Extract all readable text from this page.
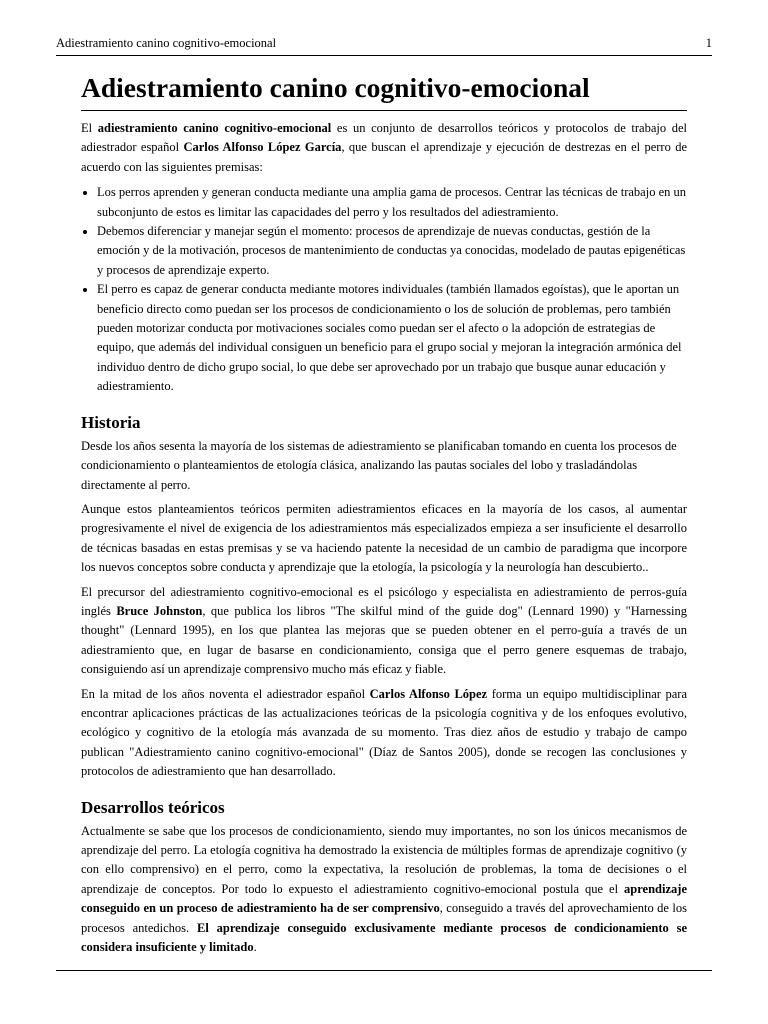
Adiestramiento canino cognitivo-emocional	1
Adiestramiento canino cognitivo-emocional

El adiestramiento canino cognitivo-emocional es un conjunto de desarrollos teóricos y protocolos de trabajo del adiestrador español Carlos Alfonso López García, que buscan el aprendizaje y ejecución de destrezas en el perro de acuerdo con las siguientes premisas:

• Los perros aprenden y generan conducta mediante una amplia gama de procesos. Centrar las técnicas de trabajo en un subconjunto de estos es limitar las capacidades del perro y los resultados del adiestramiento.
• Debemos diferenciar y manejar según el momento: procesos de aprendizaje de nuevas conductas, gestión de la emoción y de la motivación, procesos de mantenimiento de conductas ya conocidas, modelado de pautas epigenéticas y procesos de aprendizaje experto.
• El perro es capaz de generar conducta mediante motores individuales (también llamados egoístas), que le aportan un beneficio directo como puedan ser los procesos de condicionamiento o los de solución de problemas, pero también pueden motorizar conducta por motivaciones sociales como puedan ser el afecto o la adopción de estrategias de equipo, que además del individual consiguen un beneficio para el grupo social y mejoran la integración armónica del individuo dentro de dicho grupo social, lo que debe ser aprovechado por un trabajo que busque aunar educación y adiestramiento.
Historia

Desde los años sesenta la mayoría de los sistemas de adiestramiento se planificaban tomando en cuenta los procesos de condicionamiento o planteamientos de etología clásica, analizando las pautas sociales del lobo y trasladándolas directamente al perro.

Aunque estos planteamientos teóricos permiten adiestramientos eficaces en la mayoría de los casos, al aumentar progresivamente el nivel de exigencia de los adiestramientos más especializados empieza a ser insuficiente el desarrollo de técnicas basadas en estas premisas y se va haciendo patente la necesidad de un cambio de paradigma que incorpore los nuevos conceptos sobre conducta y aprendizaje que la etología, la psicología y la neurología han descubierto..

El precursor del adiestramiento cognitivo-emocional es el psicólogo y especialista en adiestramiento de perros-guía inglés Bruce Johnston, que publica los libros "The skilful mind of the guide dog" (Lennard 1990) y "Harnessing thought" (Lennard 1995), en los que plantea las mejoras que se pueden obtener en el perro-guía a través de un adiestramiento que, en lugar de basarse en condicionamiento, consiga que el perro genere esquemas de trabajo, consiguiendo así un aprendizaje comprensivo mucho más eficaz y fiable.

En la mitad de los años noventa el adiestrador español Carlos Alfonso López forma un equipo multidisciplinar para encontrar aplicaciones prácticas de las actualizaciones teóricas de la psicología cognitiva y de los enfoques evolutivo, ecológico y cognitivo de la etología más avanzada de su momento. Tras diez años de estudio y trabajo de campo publican "Adiestramiento canino cognitivo-emocional" (Díaz de Santos 2005), donde se recogen las conclusiones y protocolos de adiestramiento que han desarrollado.

Desarrollos teóricos

Actualmente se sabe que los procesos de condicionamiento, siendo muy importantes, no son los únicos mecanismos de aprendizaje del perro. La etología cognitiva ha demostrado la existencia de múltiples formas de aprendizaje cognitivo (y con ello comprensivo) en el perro, como la expectativa, la resolución de problemas, la toma de decisiones o el aprendizaje de conceptos. Por todo lo expuesto el adiestramiento cognitivo-emocional postula que el aprendizaje conseguido en un proceso de adiestramiento ha de ser comprensivo, conseguido a través del aprovechamiento de los procesos antedichos. El aprendizaje conseguido exclusivamente mediante procesos de condicionamiento se considera insuficiente y limitado.
